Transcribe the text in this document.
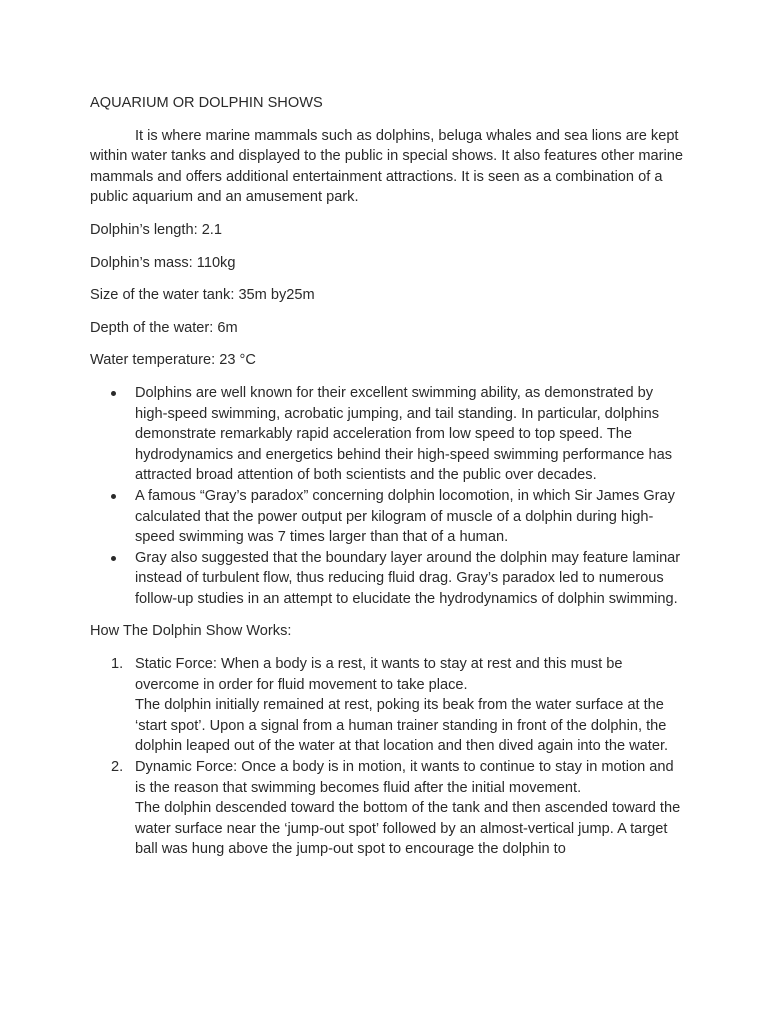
AQUARIUM OR DOLPHIN SHOWS

It is where marine mammals such as dolphins, beluga whales and sea lions are kept within water tanks and displayed to the public in special shows. It also features other marine mammals and offers additional entertainment attractions. It is seen as a combination of a public aquarium and an amusement park.

Dolphin’s length: 2.1

Dolphin’s mass: 110kg

Size of the water tank: 35m by25m

Depth of the water: 6m

Water temperature: 23 °C

Dolphins are well known for their excellent swimming ability, as demonstrated by high-speed swimming, acrobatic jumping, and tail standing. In particular, dolphins demonstrate remarkably rapid acceleration from low speed to top speed. The hydrodynamics and energetics behind their high-speed swimming performance has attracted broad attention of both scientists and the public over decades.
A famous “Gray’s paradox” concerning dolphin locomotion, in which Sir James Gray calculated that the power output per kilogram of muscle of a dolphin during high-speed swimming was 7 times larger than that of a human.
Gray also suggested that the boundary layer around the dolphin may feature laminar instead of turbulent flow, thus reducing fluid drag. Gray’s paradox led to numerous follow-up studies in an attempt to elucidate the hydrodynamics of dolphin swimming.

How The Dolphin Show Works:

1. Static Force: When a body is a rest, it wants to stay at rest and this must be overcome in order for fluid movement to take place.
The dolphin initially remained at rest, poking its beak from the water surface at the ‘start spot’. Upon a signal from a human trainer standing in front of the dolphin, the dolphin leaped out of the water at that location and then dived again into the water.
2. Dynamic Force: Once a body is in motion, it wants to continue to stay in motion and is the reason that swimming becomes fluid after the initial movement.
The dolphin descended toward the bottom of the tank and then ascended toward the water surface near the ‘jump-out spot’ followed by an almost-vertical jump. A target ball was hung above the jump-out spot to encourage the dolphin to
